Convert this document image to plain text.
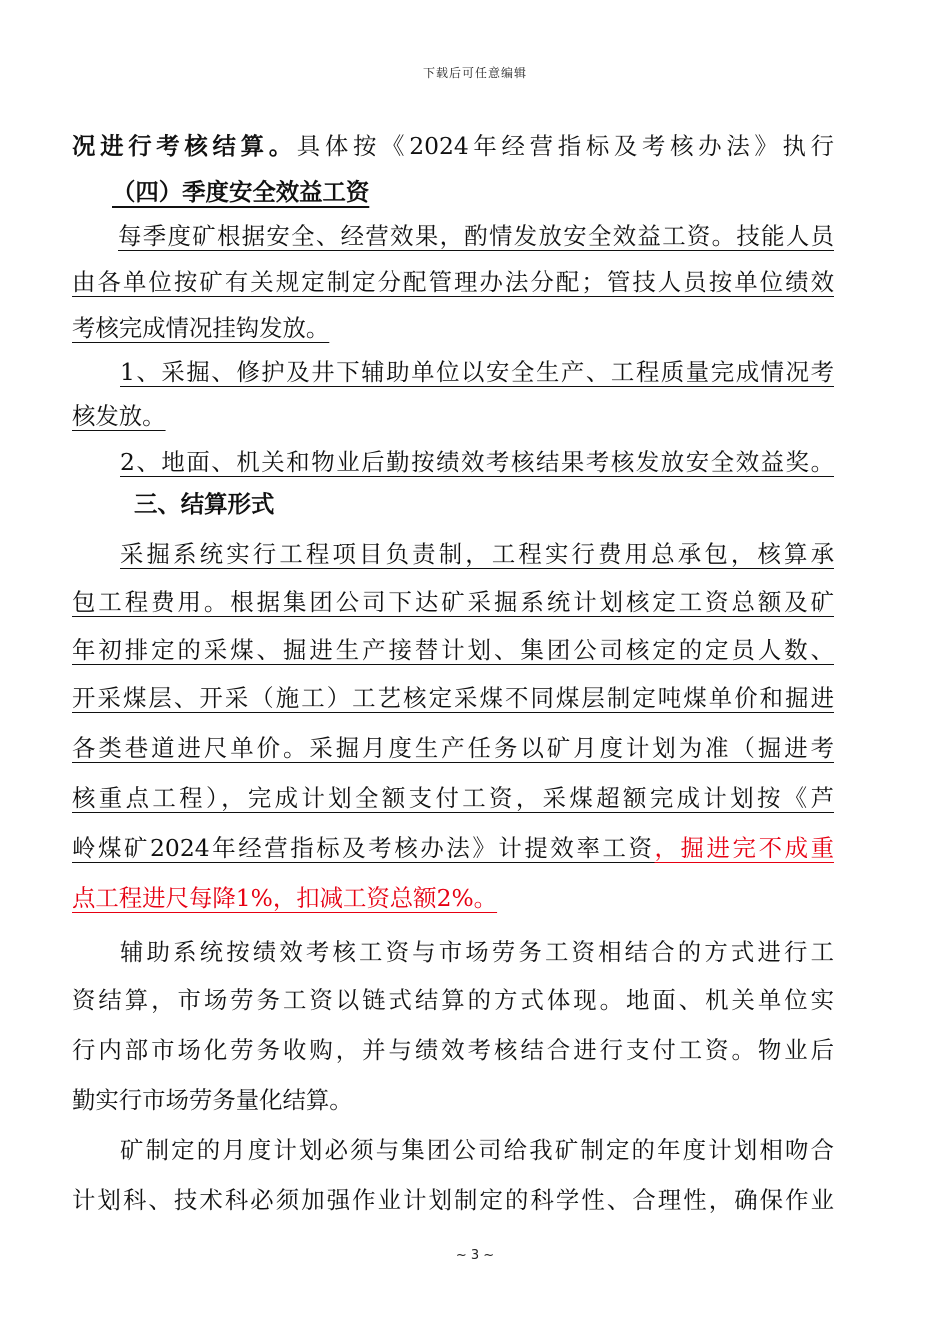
下载后可任意编辑
况进行考核结算。具体按《2024年经营指标及考核办法》执行
（四）季度安全效益工资
每季度矿根据安全、经营效果，酌情发放安全效益工资。技能人员
由各单位按矿有关规定制定分配管理办法分配；管技人员按单位绩效
考核完成情况挂钩发放。
1、采掘、修护及井下辅助单位以安全生产、工程质量完成情况考
核发放。
2、地面、机关和物业后勤按绩效考核结果考核发放安全效益奖。
三、结算形式
采掘系统实行工程项目负责制，工程实行费用总承包，核算承
包工程费用。根据集团公司下达矿采掘系统计划核定工资总额及矿
年初排定的采煤、掘进生产接替计划、集团公司核定的定员人数、
开采煤层、开采（施工）工艺核定采煤不同煤层制定吨煤单价和掘进
各类巷道进尺单价。采掘月度生产任务以矿月度计划为准（掘进考
核重点工程），完成计划全额支付工资，采煤超额完成计划按《芦
岭煤矿2024年经营指标及考核办法》计提效率工资，掘进完不成重
点工程进尺每降1%，扣减工资总额2%。
辅助系统按绩效考核工资与市场劳务工资相结合的方式进行工
资结算，市场劳务工资以链式结算的方式体现。地面、机关单位实
行内部市场化劳务收购，并与绩效考核结合进行支付工资。物业后
勤实行市场劳务量化结算。
矿制定的月度计划必须与集团公司给我矿制定的年度计划相吻合
计划科、技术科必须加强作业计划制定的科学性、合理性，确保作业
~ 3 ~
